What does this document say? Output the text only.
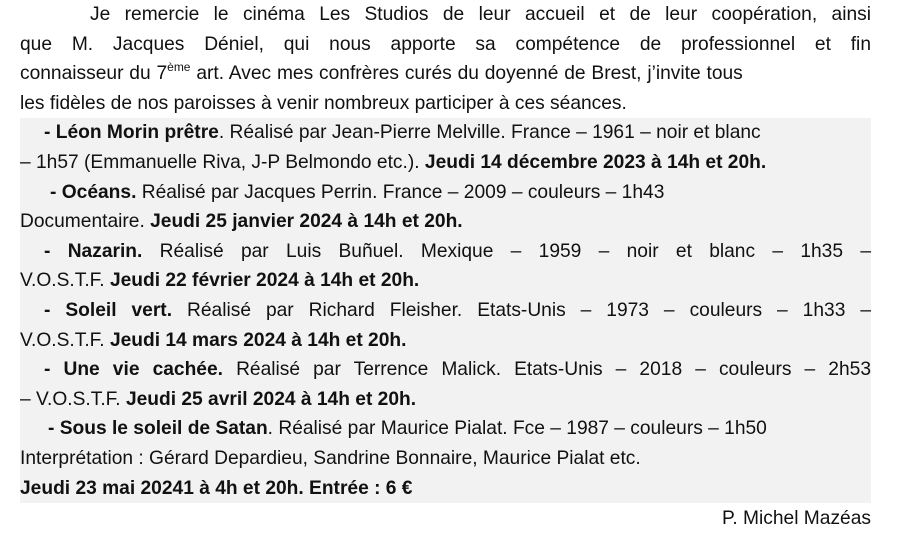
Je remercie le cinéma Les Studios de leur accueil et de leur coopération, ainsi
que M. Jacques Déniel, qui nous apporte sa compétence de professionnel et fin
connaisseur du 7ème art. Avec mes confrères curés du doyenné de Brest, j’invite tous
les fidèles de nos paroisses à venir nombreux participer à ces séances.
- Léon Morin prêtre. Réalisé par Jean-Pierre Melville. France – 1961 – noir et blanc
– 1h57 (Emmanuelle Riva, J-P Belmondo etc.). Jeudi 14 décembre 2023 à 14h et 20h.
- Océans. Réalisé par Jacques Perrin. France – 2009 – couleurs – 1h43
Documentaire. Jeudi 25 janvier 2024 à 14h et 20h.
- Nazarin. Réalisé par Luis Buñuel. Mexique – 1959 – noir et blanc – 1h35 –
V.O.S.T.F. Jeudi 22 février 2024 à 14h et 20h.
- Soleil vert. Réalisé par Richard Fleisher. Etats-Unis – 1973 – couleurs – 1h33 –
V.O.S.T.F. Jeudi 14 mars 2024 à 14h et 20h.
- Une vie cachée. Réalisé par Terrence Malick. Etats-Unis – 2018 – couleurs – 2h53
– V.O.S.T.F. Jeudi 25 avril 2024 à 14h et 20h.
- Sous le soleil de Satan. Réalisé par Maurice Pialat. Fce – 1987 – couleurs – 1h50
Interprétation : Gérard Depardieu, Sandrine Bonnaire, Maurice Pialat etc.
Jeudi 23 mai 20241 à 4h et 20h. Entrée : 6 €
P. Michel Mazéas
